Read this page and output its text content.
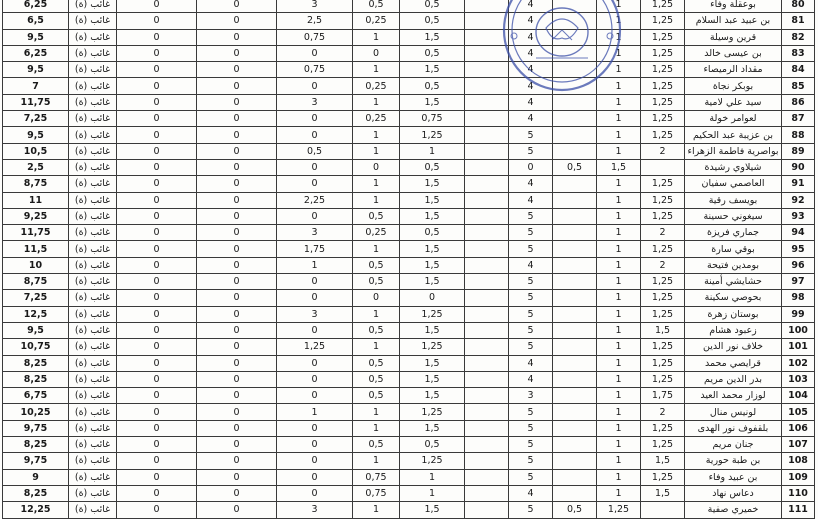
6,25	غائب (ة)	0	0	3	0,5	0,5		4		1	1,25	بوعقلة وفاء	80
6,5	غائب (ة)	0	0	2,5	0,25	0,5		4		1	1,25	بن عبيد عبد السلام	81
9,5	غائب (ة)	0	0	0,75	1	1,5		4		1	1,25	قرين وسيلة	82
6,25	غائب (ة)	0	0	0	0	0,5		4		1	1,25	بن عيسى خالد	83
9,5	غائب (ة)	0	0	0,75	1	1,5		4		1	1,25	مقداد الرميصاء	84
7	غائب (ة)	0	0	0	0,25	0,5		4		1	1,25	بوبكر نجاة	85
11,75	غائب (ة)	0	0	3	1	1,5		4		1	1,25	سيد علي لامية	86
7,25	غائب (ة)	0	0	0	0,25	0,75		4		1	1,25	لعوامر خولة	87
9,5	غائب (ة)	0	0	0	1	1,25		5		1	1,25	بن عزيبة عبد الحكيم	88
10,5	غائب (ة)	0	0	0,5	1	1		5		1	2	بواصرية فاطمة الزهراء	89
2,5	غائب (ة)	0	0	0	0	0,5		0	0,5	1,5		شيلاوي رشيدة	90
8,75	غائب (ة)	0	0	0	1	1,5		4		1	1,25	العاصمي سفيان	91
11	غائب (ة)	0	0	2,25	1	1,5		4		1	1,25	بويسف رقية	92
9,25	غائب (ة)	0	0	0	0,5	1,5		5		1	1,25	سيغوني حسينة	93
11,75	غائب (ة)	0	0	3	0,25	0,5		5		1	2	جماري فريزة	94
11,5	غائب (ة)	0	0	1,75	1	1,5		5		1	1,25	بوقي سارة	95
10	غائب (ة)	0	0	1	0,5	1,5		4		1	2	بومدين فتيحة	96
8,75	غائب (ة)	0	0	0	0,5	1,5		5		1	1,25	حشايشي أمينة	97
7,25	غائب (ة)	0	0	0	0	0		5		1	1,25	بحوصي سكينة	98
12,5	غائب (ة)	0	0	3	1	1,25		5		1	1,25	بوستان زهرة	99
9,5	غائب (ة)	0	0	0	0,5	1,5		5		1	1,5	زعبود هشام	100
10,75	غائب (ة)	0	0	1,25	1	1,25		5		1	1,25	خلاف نور الدين	101
8,25	غائب (ة)	0	0	0	0,5	1,5		4		1	1,25	قرايصي محمد	102
8,25	غائب (ة)	0	0	0	0,5	1,5		4		1	1,25	بدر الدين مريم	103
6,75	غائب (ة)	0	0	0	0,5	1,5		3		1	1,75	لوزار محمد العيد	104
10,25	غائب (ة)	0	0	1	1	1,25		5		1	2	لونيس منال	105
9,75	غائب (ة)	0	0	0	1	1,5		5		1	1,25	بلقفوف نور الهدى	106
8,25	غائب (ة)	0	0	0	0,5	0,5		5		1	1,25	جنان مريم	107
9,75	غائب (ة)	0	0	0	1	1,25		5		1	1,5	بن طبة حورية	108
9	غائب (ة)	0	0	0	0,75	1		5		1	1,25	بن عبيد وفاء	109
8,25	غائب (ة)	0	0	0	0,75	1		4		1	1,5	دعاس نهاد	110
12,25	غائب (ة)	0	0	3	1	1,5		5	0,5	1,25		خميري صفية	111
